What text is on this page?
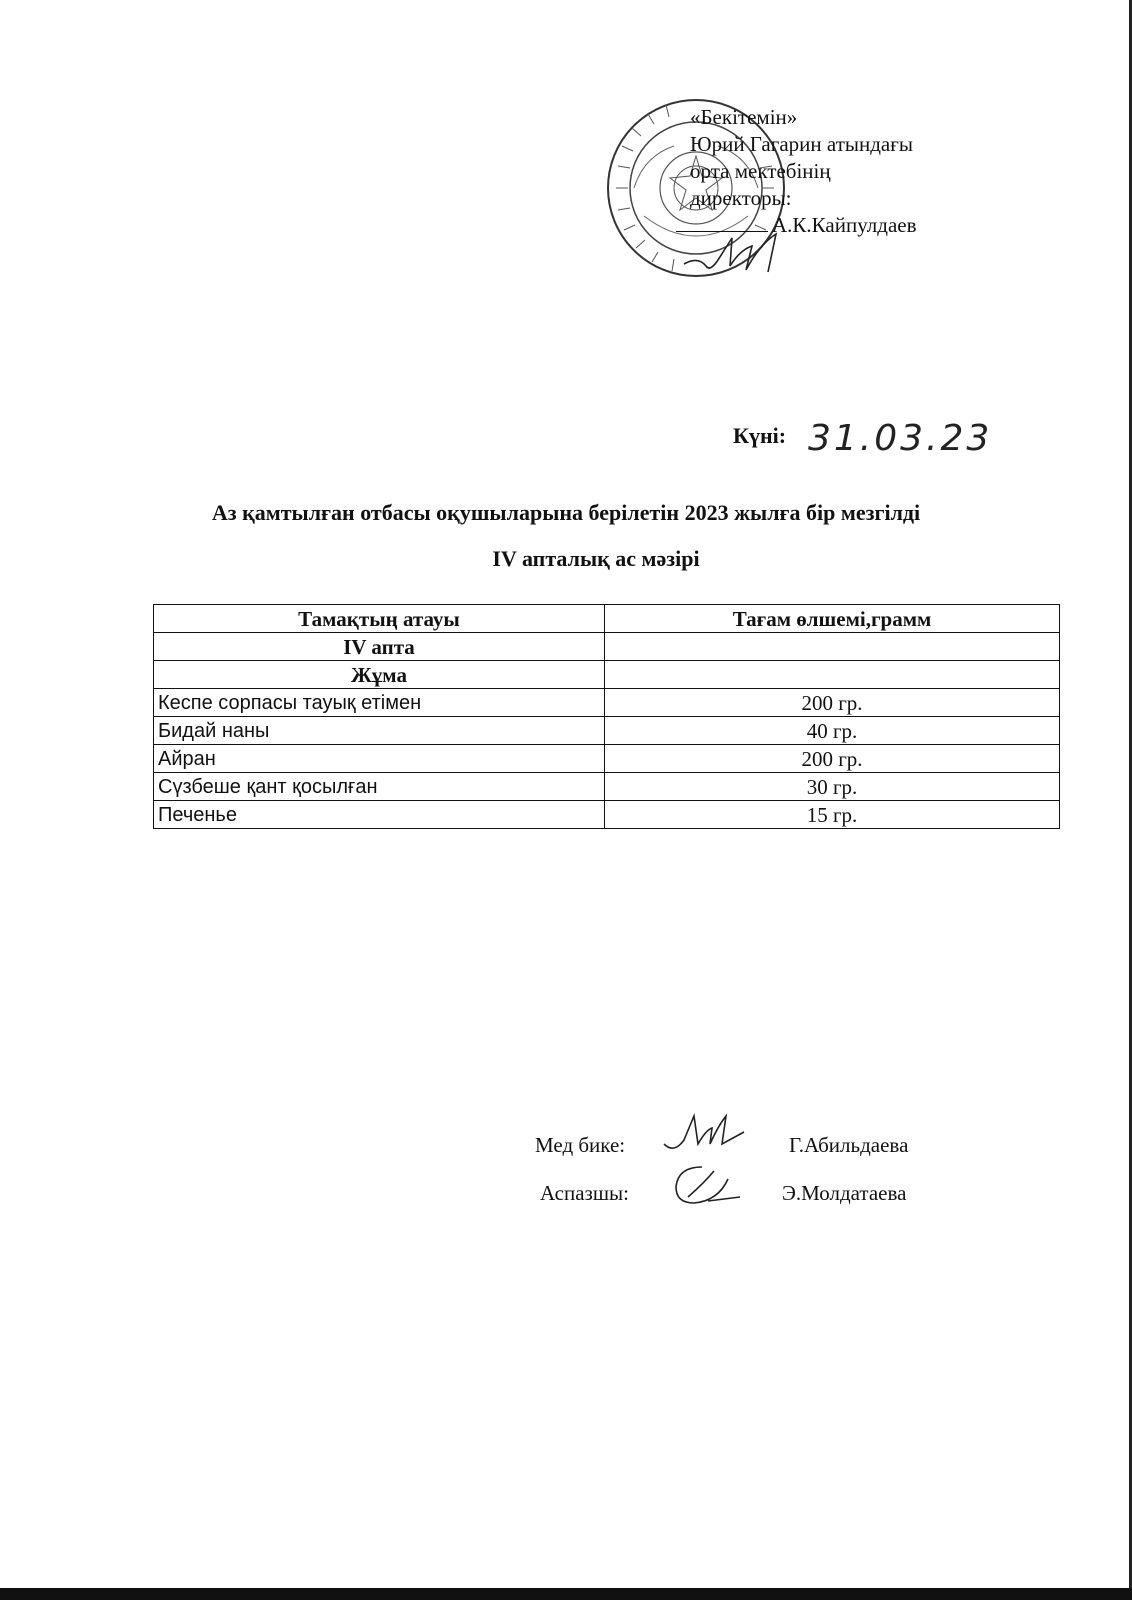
«Бекітемін»
Юрий Гагарин атындағы
орта мектебінің
директоры:
А.К.Кайпулдаев
Күні: 31.03.23
Аз қамтылған отбасы оқушыларына берілетін 2023 жылға бір мезгілді
IV апталық ас мәзірі
Тамақтың атауы	Тағам өлшемі,грамм
IV апта	
Жұма	
Кеспе сорпасы тауық етімен	200 гр.
Бидай наны	40 гр.
Айран	200 гр.
Сүзбеше қант қосылған	30 гр.
Печенье	15 гр.
Мед бике:	Г.Абильдаева
Аспазшы:	Э.Молдатаева
